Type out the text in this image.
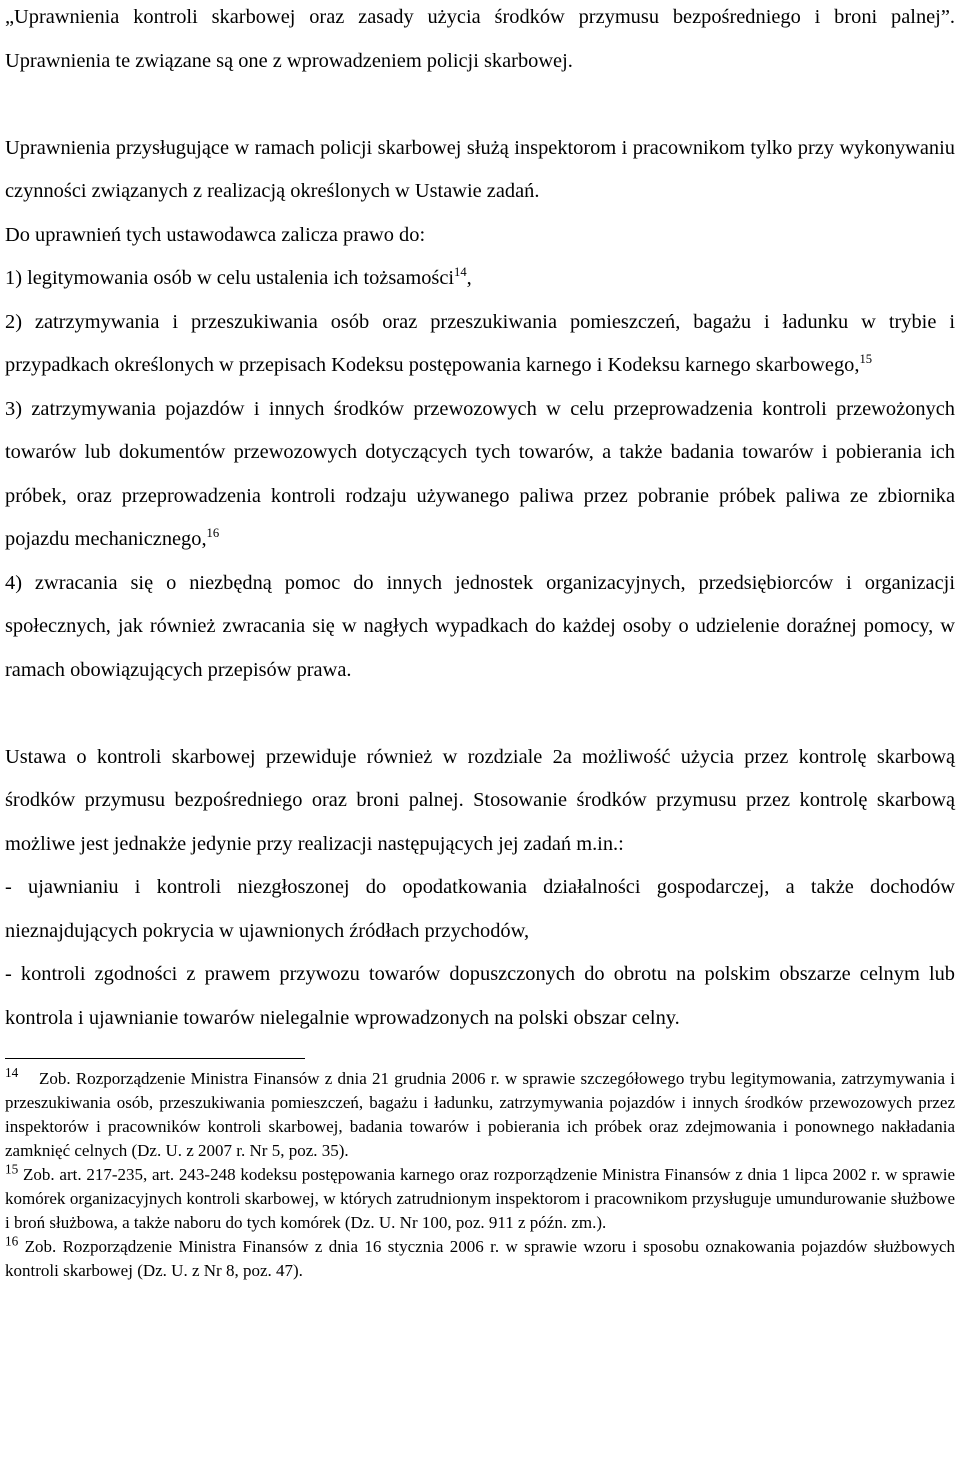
„Uprawnienia kontroli skarbowej oraz zasady użycia środków przymusu bezpośredniego i broni palnej”. Uprawnienia te związane są one z wprowadzeniem policji skarbowej.

Uprawnienia przysługujące w ramach policji skarbowej służą inspektorom i pracownikom tylko przy wykonywaniu czynności związanych z realizacją określonych w Ustawie zadań.

Do uprawnień tych ustawodawca zalicza prawo do:

1) legitymowania osób w celu ustalenia ich tożsamości$^{14}$,

2) zatrzymywania i przeszukiwania osób oraz przeszukiwania pomieszczeń, bagażu i ładunku w trybie i przypadkach określonych w przepisach Kodeksu postępowania karnego i Kodeksu karnego skarbowego,$^{15}$

3) zatrzymywania pojazdów i innych środków przewozowych w celu przeprowadzenia kontroli przewożonych towarów lub dokumentów przewozowych dotyczących tych towarów, a także badania towarów i pobierania ich próbek, oraz przeprowadzenia kontroli rodzaju używanego paliwa przez pobranie próbek paliwa ze zbiornika pojazdu mechanicznego,$^{16}$

4) zwracania się o niezbędną pomoc do innych jednostek organizacyjnych, przedsiębiorców i organizacji społecznych, jak również zwracania się w nagłych wypadkach do każdej osoby o udzielenie doraźnej pomocy, w ramach obowiązujących przepisów prawa.

Ustawa o kontroli skarbowej przewiduje również w rozdziale 2a możliwość użycia przez kontrolę skarbową środków przymusu bezpośredniego oraz broni palnej. Stosowanie środków przymusu przez kontrolę skarbową możliwe jest jednakże jedynie przy realizacji następujących jej zadań m.in.:

- ujawnianiu i kontroli niezgłoszonej do opodatkowania działalności gospodarczej, a także dochodów nieznajdujących pokrycia w ujawnionych źródłach przychodów,

- kontroli zgodności z prawem przywozu towarów dopuszczonych do obrotu na polskim obszarze celnym lub kontrola i ujawnianie towarów nielegalnie wprowadzonych na polski obszar celny.

14 Zob. Rozporządzenie Ministra Finansów z dnia 21 grudnia 2006 r. w sprawie szczegółowego trybu legitymowania, zatrzymywania i przeszukiwania osób, przeszukiwania pomieszczeń, bagażu i ładunku, zatrzymywania pojazdów i innych środków przewozowych przez inspektorów i pracowników kontroli skarbowej, badania towarów i pobierania ich próbek oraz zdejmowania i ponownego nakładania zamknięć celnych (Dz. U. z 2007 r. Nr 5, poz. 35).

$^{15}$ Zob. art. 217-235, art. 243-248 kodeksu postępowania karnego oraz rozporządzenie Ministra Finansów z dnia 1 lipca 2002 r. w sprawie komórek organizacyjnych kontroli skarbowej, w których zatrudnionym inspektorom i pracownikom przysługuje umundurowanie służbowe i broń służbowa, a także naboru do tych komórek (Dz. U. Nr 100, poz. 911 z późn. zm.).

$^{16}$ Zob. Rozporządzenie Ministra Finansów z dnia 16 stycznia 2006 r. w sprawie wzoru i sposobu oznakowania pojazdów służbowych kontroli skarbowej (Dz. U. z Nr 8, poz. 47).
